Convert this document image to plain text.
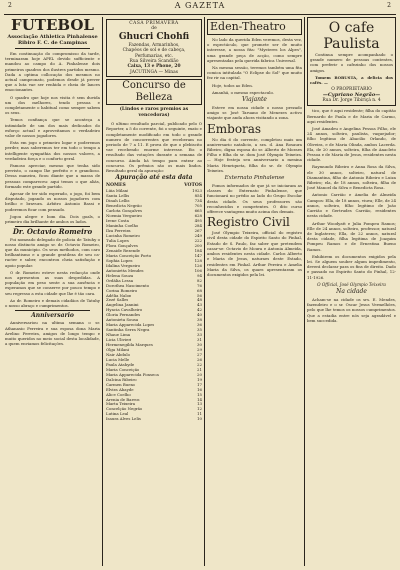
2	A GAZETA	2
FUTEBOL

Associação Athletica Pinhalense

Ribiro F. C. de Campinas

Em continuação do compromisso da tarde, terminaram hoje APEL devido sufficiente e mandou ao campo do A. Pinhalense dois primeiros quadros dos ilustres partidos mesmo. Dada a optima collocação dos mesmos no actual campeonato, podemos desde já prever que a luta vae ser renhida e cheia de lances emocionantes.

O quadro que hoje nos visita é sem duvida um dos melhores, tendo pessoa e completamente o habitual como sempre sabem os seus.

Temos confiança que se aconteça a intimidade de um dos mais dedicados do esforço actual e aproveitamos o verdadeiro valor de nossos jogadores.

Esta em jogo o primeiro logar e poderemos perder, mas saberemos ter em todo o tempo a intelligente sympathia dos nossos valores, a verdadeira força e o conforto geral.

Famoso apreciar, mesmo que tenha sido previsto, o campo lhe perfeito e e grandioso. Dessa maneira, ficou diante que a massa de pessoas compareceu: aqui temos o que aliás, formado este grande partido.

Apesar de ter sido esperado, o jogo, foi bem disputado, jogando os nossos jogadores com brilho e bravura. Arbitro Antonio Bassi e poderemos ficar com pensado.

Jogou alegre e bom dia. Dois goals, o primeiro dia brilhante de ambos os lados.

Dr. Octavio Romeiro

Foi nomeado delegado de policia de Tatuhy o nosso distincto amigo sr. dr. Octavio Romeiro, que da municipio. Os seus methodos, com caro brilhantismo e a grande gentileza de seu caracter e saber, encontrou cheia satisfação e apoio popular.

O dr. Romeiro esteve nesta redacção onde nos apresentou as suas despedidas. A população em peso sente a sua ausência e esperamos que se conserve por pouco tempo e seu regresso a esta cidade que lhe é tão cara.

Ao dr. Romeiro e demais cidadãos de Tatuhy o nosso abraço e cumprimentos.

Anniversario

Anniversariou na ultima semana o sr. Athanasio Ferreira e sua esposa dona Maria Avelino Ferreira, amigos de longo tempo e muito queridos no meio social desta localidade, a quem enviamos felicitações.

CASA PRIMAVERA

de

Ghucri Chohfi

Fazendas, Armarinhos,

Chapéos de sol e de cabeça,

Perfumarias, etc.

Rua Silveira Scandião

Caixa, 13 e Phone, 20

JACUTINGA — Minas

Concurso de Belleza

(Lindos e raros premios as vencedoras)

O ultimo resultado parcial, publicado pelo O Reporter, a 5 do corrente, foi o seguinte, exato e completamente modificado em todo o grande numero de concorrentes que receberam no periodo de 7 a 11. E prova de que o plebiscito vae recebendo enorme interesse. Eis o resultado das votações durante a semana de concurso. Ainda há tempo para entrar ao concurso. Os prêmios são os mais lindos. Resultado geral da apuração:

Apuração até esta data

NOMES	VOTOS
Lúia Milani	1923
Santa Lellis	854
Dinah Lellis	734
Benedicta Negrão	705
Carlota Gonçalves	665
Noemia Vergueiro	628
Irene Costa	495
Maninha Coelho	284
Ilza Ferreira	267
Lucinha Romeiro	249
Tulia Lopes	222
Flora Gonçalves	200
Zenaide Rezende	184
Maria Conceição Porto	147
Sophia Lopes	128
Idalina Vergueiro	126
Antonietta Mendes	106
Helena Souza	94
Ordália Lessa	82
Dorothea Nascimento	76
Corina Romeiro	68
Adélia Nalon	56
Zezé Salles	48
Angelina Jannini	43
Hyacia Cavalheiro	42
Gloria Fernandes	40
Antonieta Sousa	38
Maria Apparecida Lopes	36
Santinha Serra Negra	35
Nhaue Lima	33
Licia Ulivieri	31
Hermenegilda Marques	30
Olga Milani	29
Nair Abdulo	27
Lucia Melle	26
Paula Atahyde	22
Maria Conceição	21
Maria Apparecida Fonseca	20
Dalcina Ribeiro	19
Carmen Bueno	17
Elvira Abayde	16
Alice Coelho	15
Arenia de Barros	14
Marta Teixeira	13
Concelção Negrão	12
Lutina Leal	11
Isaura Alves Lelis	10
Eden-Theatro

No lado da querida Eden veremos, desta vez, o espectáculo, que promete ser de muito interesse, a nossa fita: "Mysteres los Alpes", uma grande peça de acção, como sempre apresentadas pela querida fabrica Universal.

Na mesma sessão, teremos também uma fita comica intitulada "O Eclipse do Sol" que muito fez rir na capital.

Hoje, todos ao Eden.

Amanhã, o mesmo espectaculo.

Viajante

Esteve em nossa cidade o nosso prezado amigo sr. José Taruano de Menezes activo viajante que anda ahora visitando a zona.

Emboras

No dia 6 do corrente, completou mais um anniversario natalicio, a sra. d. Ana Rosaura Ribeiro, digna esposa do sr. Alberto de Moraes Filho e filha do sr. dom José Olympio Teixeira. — Hoje festeja seu anniversario a menina Maria Henriqueta, filha do sr. dr. Olympio Teixeira.

Externato Pinhalense

Fomos informados de que já se iniciaram as classes do Externato Pinhalense, que funcionará no prédio ao lado do Grupo Escolar desta cidade. Os seus professores são reconhecidos e competentes. O dito curso offerece vantagens muito acima dos demais.

Registro Civil

José Olympio Teixeira, official do registro civil desta cidade do Espirito Santo do Pinhal, Estado de S. Paulo, faz saber que pretendem casar-se: Octavio de Moura e Antonia Almeida, ambos residentes nesta cidade. Carlos Alberto e Maria de Jesus, naturaes deste Estado, residentes em Pinhal. Arthur Pereira e Amelia Maria da Silva, os quaes apresentaram os documentos exigidos pela lei.

O cafe Paulista

Continua sempre acompanhado o grande numero de pessoas contentes, com preferir o cafezinho dos nossos amigos.

Tomem ROBUSTA, a delicia dos cafés. —

O PROPRIETARIO

—Cypriano Negrão—

Rua Dr. Jorge Tibiriçá n. 4

tico, que é aqui residente; filha do capitão Bernardo de Paula e de Maria de Carmo, aqui residentes.

José Amadeu e Angelina Pessoa Filho, ele 24 annos, solteiro, paulista, vaquejador; filho legítimo de Abacilio Orlando, de Oliveira, e de Maria Olinda, ambos Lacerda. Ela, de 20 annos, solteira, filha de Anacleto Pessoa e de Maria de Jesus, residentes nesta cidade.

Raymundo Ribeiro e Anna Rosa da Silva, ele 30 annos, solteiro, natural de Diamantina, filho de Antonio Ribeiro e Luiza Ribeiro; ela, de 18 annos, solteira, filha de José Manoel da Silva e Benedicta Rosa.

Antonio Carrião e Amelia de Almeida Campos: Ella, de 18 annos, viuva; Elle, de 24 annos, solteiro, filho legitimo de João Carrião e Gertrudes Carrião, residentes nesta cidade.

Arthur Woodyatt e Julia Pompeu Ramos; Elle de 24 annos, solteiro, professor, natural de Inglaterra; Ella, de 22 annos, natural desta cidade, filha legitima de Joaquim Pompeu Ramos e de Ernestina Bueno Ramos.

Exhibirem os documentos exigidos pela lei. Se alguem souber algum impedimento, deverá declarar para os fins de direito. Dado e passado no Espirito Santo do Pinhal, 12-11-1926.

O Official, José Olympio Teixeira

Na cidade

Acham-se na cidade os srs. E. Mendes, fazendeiro e o sr. Oscar Jesus Vermelhões, pelo que lhe temos os nossos cumprimentos. Que a estadia entre nós seja agradável e bem succedida.
